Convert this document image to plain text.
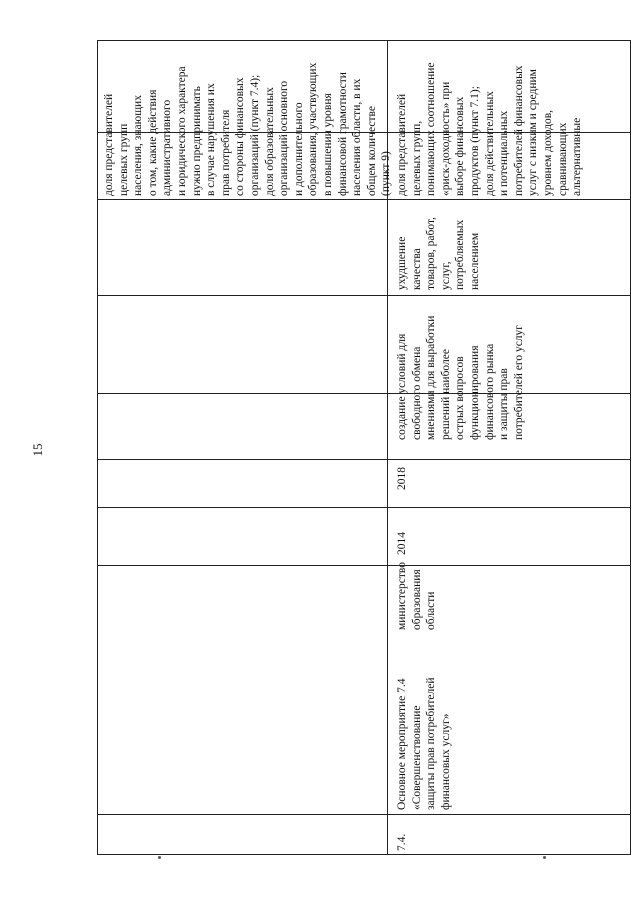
15
7.4.
Основное мероприятие 7.4 «Совершенствование защиты прав потребителей финансовых услуг»
министерство образования области
2014
2018
создание условий для свободного обмена мнениями для выработки решений наиболее острых вопросов функционирования финансового рынка и защиты прав потребителей его услуг
ухудшение качества товаров, работ, услуг, потребляемых населением
доля представителей целевых групп населения, знающих о том, какие действия административного и юридического характера нужно предпринимать в случае нарушения их прав потребителя со стороны финансовых организаций (пункт 7.4); доля образовательных организаций основного и дополнительного образования, участвующих в повышении уровня финансовой грамотности населения области, в их общем количестве (пункт 9) доля представителей целевых групп, понимающих соотношение «риск-доходность» при выборе финансовых продуктов (пункт 7.1); доля действительных и потенциальных потребителей финансовых услуг с низким и средним уровнем доходов, сравнивающих альтернативные
